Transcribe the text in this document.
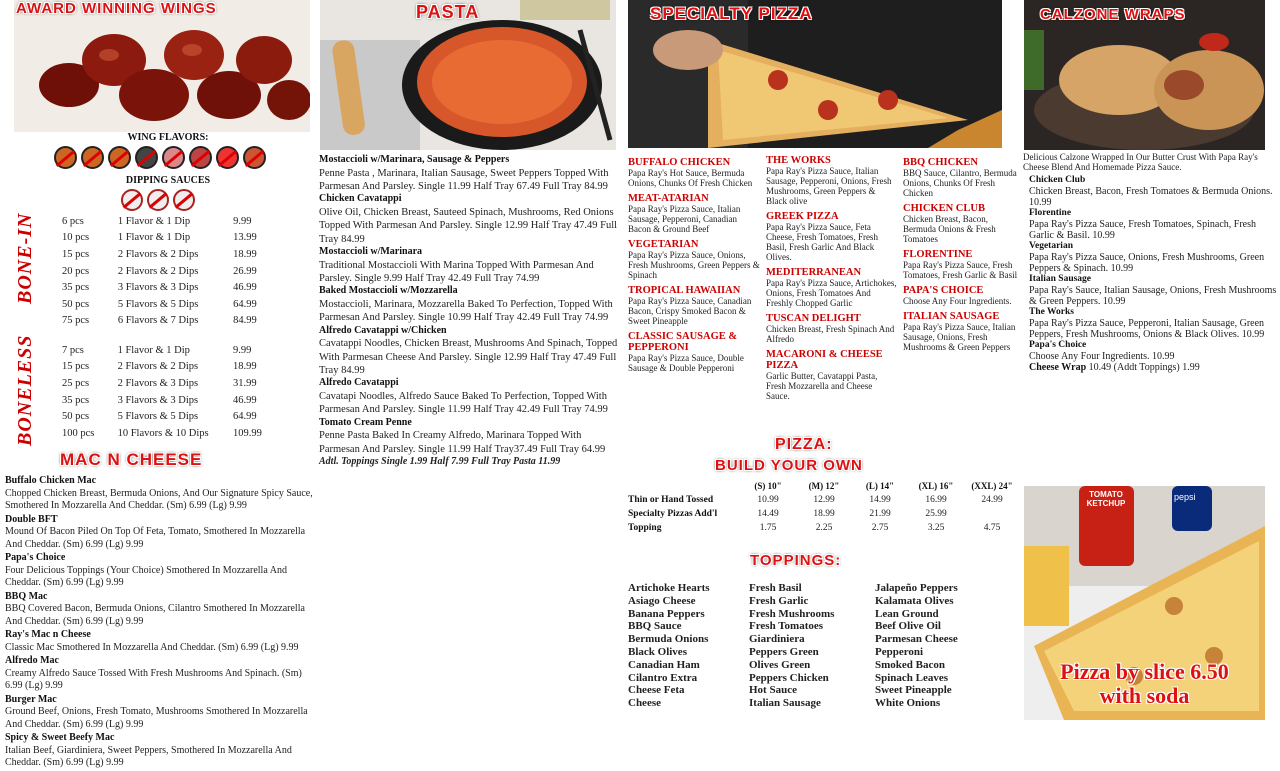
AWARD WINNING WINGS
WING FLAVORS:
DIPPING SAUCES
BONE-IN
BONELESS
6 pcs	1 Flavor & 1 Dip	9.99
10 pcs	1 Flavor & 1 Dip	13.99
15 pcs	2 Flavors & 2 Dips	18.99
20 pcs	2 Flavors & 2 Dips	26.99
35 pcs	3 Flavors & 3 Dips	46.99
50 pcs	5 Flavors & 5 Dips	64.99
75 pcs	6 Flavors & 7 Dips	84.99
7 pcs	1 Flavor & 1 Dip	9.99
15 pcs	2 Flavors & 2 Dips	18.99
25 pcs	2 Flavors & 3 Dips	31.99
35 pcs	3 Flavors & 3 Dips	46.99
50 pcs	5 Flavors & 5 Dips	64.99
100 pcs	10 Flavors & 10 Dips	109.99
MAC N CHEESE
Buffalo Chicken Mac
Chopped Chicken Breast, Bermuda Onions, And Our Signature Spicy Sauce, Smothered In Mozzarella And Cheddar. (Sm) 6.99 (Lg) 9.99
Double BFT
Mound Of Bacon Piled On Top Of Feta, Tomato, Smothered In Mozzarella And Cheddar. (Sm) 6.99 (Lg) 9.99
Papa's Choice
Four Delicious Toppings (Your Choice) Smothered In Mozzarella And Cheddar. (Sm) 6.99 (Lg) 9.99
BBQ Mac
BBQ Covered Bacon, Bermuda Onions, Cilantro Smothered In Mozzarella And Cheddar. (Sm) 6.99 (Lg) 9.99
Ray's Mac n Cheese
Classic Mac Smothered In Mozzarella And Cheddar. (Sm) 6.99 (Lg) 9.99
Alfredo Mac
Creamy Alfredo Sauce Tossed With Fresh Mushrooms And Spinach. (Sm) 6.99 (Lg) 9.99
Burger Mac
Ground Beef, Onions, Fresh Tomato, Mushrooms Smothered In Mozzarella And Cheddar. (Sm) 6.99 (Lg) 9.99
Spicy & Sweet Beefy Mac
Italian Beef, Giardiniera, Sweet Peppers, Smothered In Mozzarella And Cheddar. (Sm) 6.99 (Lg) 9.99
PASTA
Mostaccioli w/Marinara, Sausage & Peppers
Penne Pasta , Marinara, Italian Sausage, Sweet Peppers Topped With Parmesan And Parsley. Single 11.99 Half Tray 67.49 Full Tray 84.99
Chicken Cavatappi
Olive Oil, Chicken Breast, Sauteed Spinach, Mushrooms, Red Onions Topped With Parmesan And Parsley. Single 12.99 Half Tray 47.49 Full Tray 84.99
Mostaccioli w/Marinara
Traditional Mostaccioli With Marina Topped With Parmesan And Parsley. Single 9.99 Half Tray 42.49 Full Tray 74.99
Baked Mostaccioli w/Mozzarella
Mostaccioli, Marinara, Mozzarella Baked To Perfection, Topped With Parmesan And Parsley. Single 10.99 Half Tray 42.49 Full Tray 74.99
Alfredo Cavatappi w/Chicken
Cavatappi Noodles, Chicken Breast, Mushrooms And Spinach, Topped With Parmesan Cheese And Parsley. Single 12.99 Half Tray 47.49 Full Tray 84.99
Alfredo Cavatappi
Cavatapi Noodles, Alfredo Sauce Baked To Perfection, Topped With Parmesan And Parsley. Single 11.99 Half Tray 42.49 Full Tray 74.99
Tomato Cream Penne
Penne Pasta Baked In Creamy Alfredo, Marinara Topped With Parmesan And Parsley. Single 11.99 Half Tray37.49 Full Tray 64.99
Adtl. Toppings Single 1.99 Half 7.99 Full Tray Pasta 11.99
SPECIALTY PIZZA
BUFFALO CHICKEN
Papa Ray's Hot Sauce, Bermuda Onions, Chunks Of Fresh Chicken
MEAT-ATARIAN
Papa Ray's Pizza Sauce, Italian Sausage, Pepperoni, Canadian Bacon & Ground Beef
VEGETARIAN
Papa Ray's Pizza Sauce, Onions, Fresh Mushrooms, Green Peppers & Spinach
TROPICAL HAWAIIAN
Papa Ray's Pizza Sauce, Canadian Bacon, Crispy Smoked Bacon & Sweet Pineapple
CLASSIC SAUSAGE & PEPPERONI
Papa Ray's Pizza Sauce, Double Sausage & Double Pepperoni
THE WORKS
Papa Ray's Pizza Sauce, Italian Sausage, Pepperoni, Onions, Fresh Mushrooms, Green Peppers & Black olive
GREEK PIZZA
Papa Ray's Pizza Sauce, Feta Cheese, Fresh Tomatoes, Fresh Basil, Fresh Garlic And Black Olives.
MEDITERRANEAN
Papa Ray's Pizza Sauce, Artichokes, Onions, Fresh Tomatoes And Freshly Chopped Garlic
TUSCAN DELIGHT
Chicken Breast, Fresh Spinach And Alfredo
MACARONI & CHEESE PIZZA
Garlic Butter, Cavatappi Pasta, Fresh Mozzarella and Cheese Sauce.
BBQ CHICKEN
BBQ Sauce, Cilantro, Bermuda Onions, Chunks Of Fresh Chicken
CHICKEN CLUB
Chicken Breast, Bacon, Bermuda Onions & Fresh Tomatoes
FLORENTINE
Papa Ray's Pizza Sauce, Fresh Tomatoes, Fresh Garlic & Basil
PAPA'S CHOICE
Choose Any Four Ingredients.
ITALIAN SAUSAGE
Papa Ray's Pizza Sauce, Italian Sausage, Onions, Fresh Mushrooms & Green Peppers
PIZZA:
BUILD YOUR OWN
	(S) 10"	(M) 12"	(L) 14"	(XL) 16"	(XXL) 24"
Thin or Hand Tossed	10.99	12.99	14.99	16.99	24.99
Specialty Pizzas Add'l	14.49	18.99	21.99	25.99	
Topping	1.75	2.25	2.75	3.25	4.75
TOPPINGS:
Artichoke Hearts
Asiago Cheese
Banana Peppers
BBQ Sauce
Bermuda Onions
Black Olives
Canadian Ham
Cilantro Extra
Cheese Feta
Cheese
Fresh Basil
Fresh Garlic
Fresh Mushrooms
Fresh Tomatoes
Giardiniera
Peppers Green
Olives Green
Peppers Chicken
Hot Sauce
Italian Sausage
Jalapeño Peppers
Kalamata Olives
Lean Ground
Beef Olive Oil
Parmesan Cheese
Pepperoni
Smoked Bacon
Spinach Leaves
Sweet Pineapple
White Onions
CALZONE WRAPS
Delicious Calzone Wrapped In Our Butter Crust With Papa Ray's Cheese Blend And Homemade Pizza Sauce.
Chicken Club
Chicken Breast, Bacon, Fresh Tomatoes & Bermuda Onions. 10.99
Florentine
Papa Ray's Pizza Sauce, Fresh Tomatoes, Spinach, Fresh Garlic & Basil. 10.99
Vegetarian
Papa Ray's Pizza Sauce, Onions, Fresh Mushrooms, Green Peppers & Spinach. 10.99
Italian Sausage
Papa Ray's Sauce, Italian Sausage, Onions, Fresh Mushrooms & Green Peppers. 10.99
The Works
Papa Ray's Pizza Sauce, Pepperoni, Italian Sausage, Green Peppers, Fresh Mushrooms, Onions & Black Olives. 10.99
Papa's Choice
Choose Any Four Ingredients. 10.99
Cheese Wrap 10.49 (Addt Toppings) 1.99
TOMATO KETCHUP
pepsi
Pizza by slice 6.50
with soda
